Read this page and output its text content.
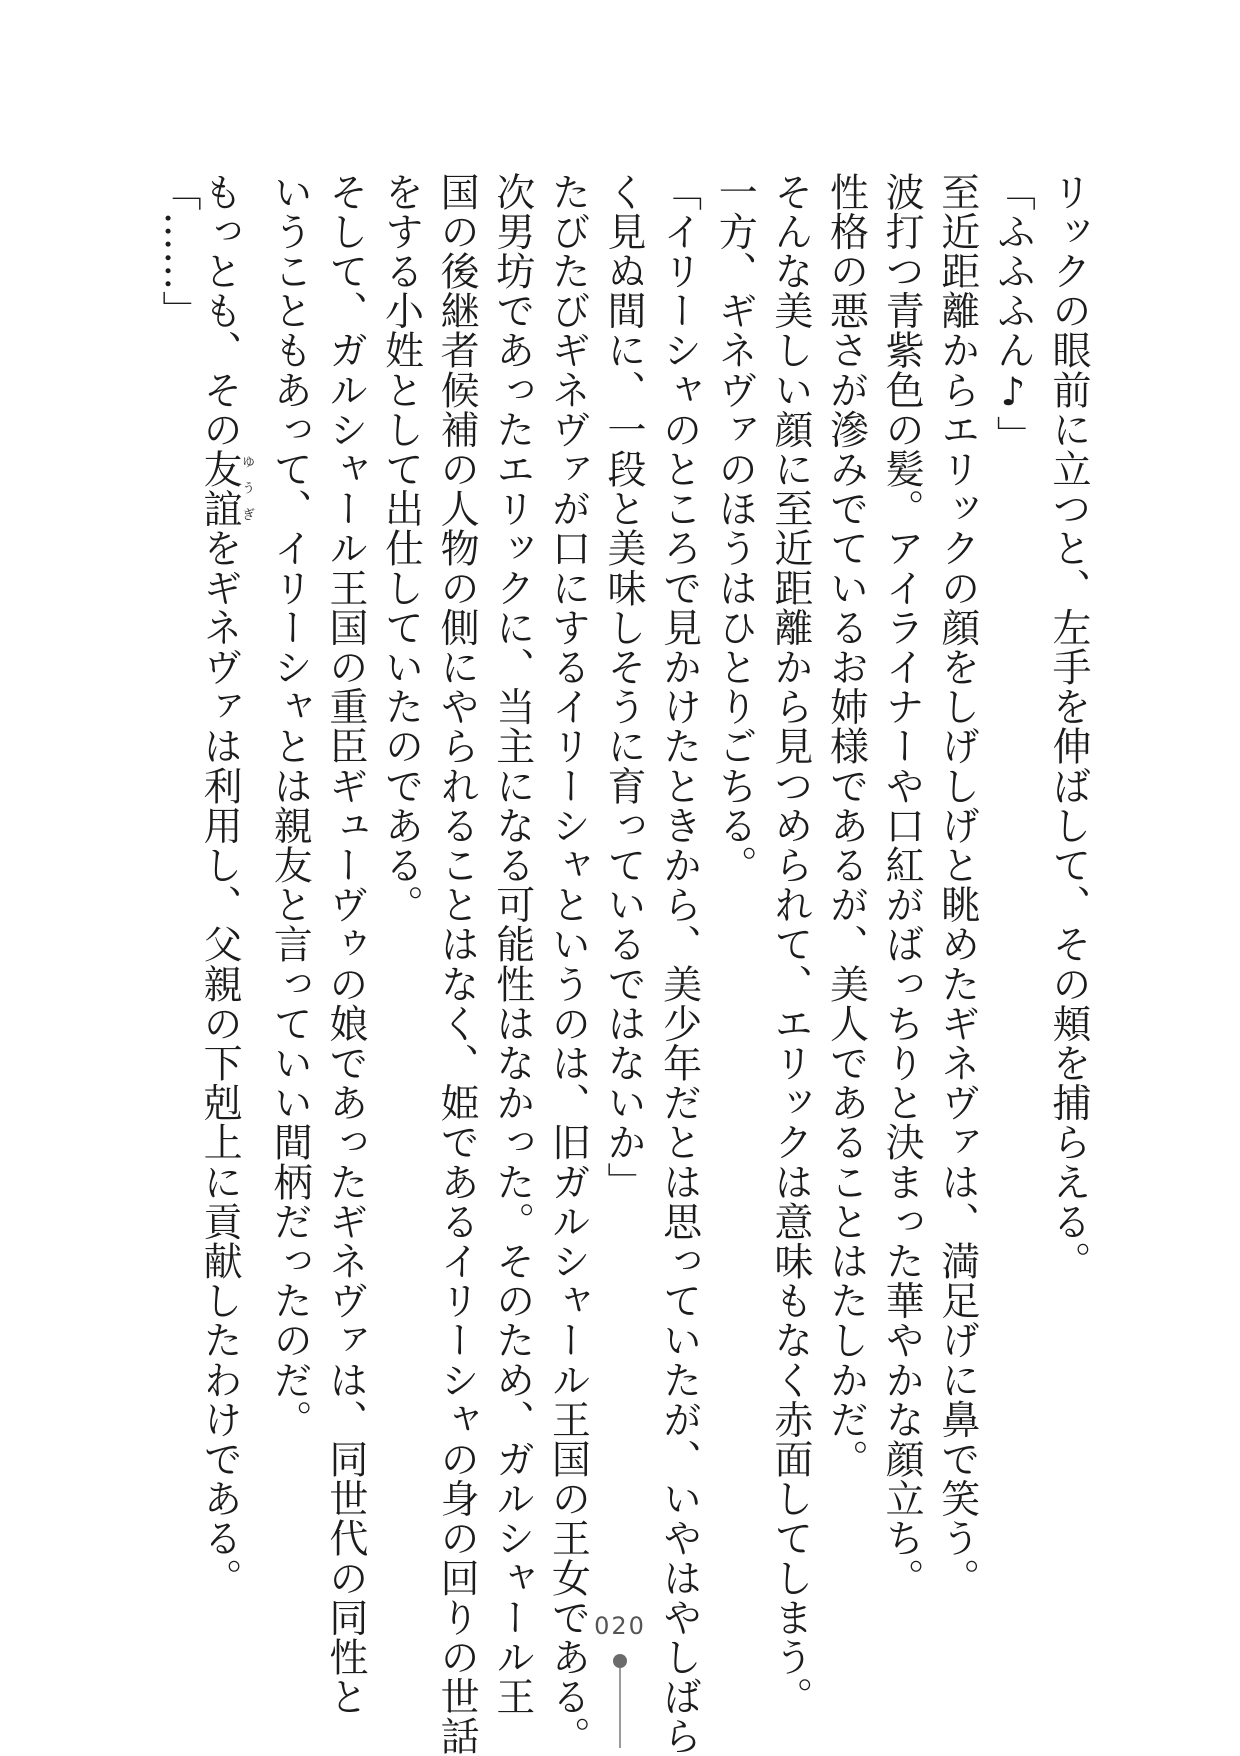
リックの眼前に立つと、左手を伸ばして、その頬を捕らえる。
「ふふふん♪」
至近距離からエリックの顔をしげしげと眺めたギネヴァは、満足げに鼻で笑う。
波打つ青紫色の髪。アイライナーや口紅がばっちりと決まった華やかな顔立ち。
性格の悪さが滲みでているお姉様であるが、美人であることはたしかだ。
そんな美しい顔に至近距離から見つめられて、エリックは意味もなく赤面してしまう。
一方、ギネヴァのほうはひとりごちる。
「イリーシャのところで見かけたときから、美少年だとは思っていたが、いやはやしばら
く見ぬ間に、一段と美味しそうに育っているではないか」
たびたびギネヴァが口にするイリーシャというのは、旧ガルシャール王国の王女である。
次男坊であったエリックに、当主になる可能性はなかった。そのため、ガルシャール王
国の後継者候補の人物の側にやられることはなく、姫であるイリーシャの身の回りの世話
をする小姓として出仕していたのである。
そして、ガルシャール王国の重臣ギューヴゥの娘であったギネヴァは、同世代の同性と
いうこともあって、イリーシャとは親友と言っていい間柄だったのだ。
もっとも、その友誼ゆうぎをギネヴァは利用し、父親の下剋上に貢献したわけである。
「……」
020
